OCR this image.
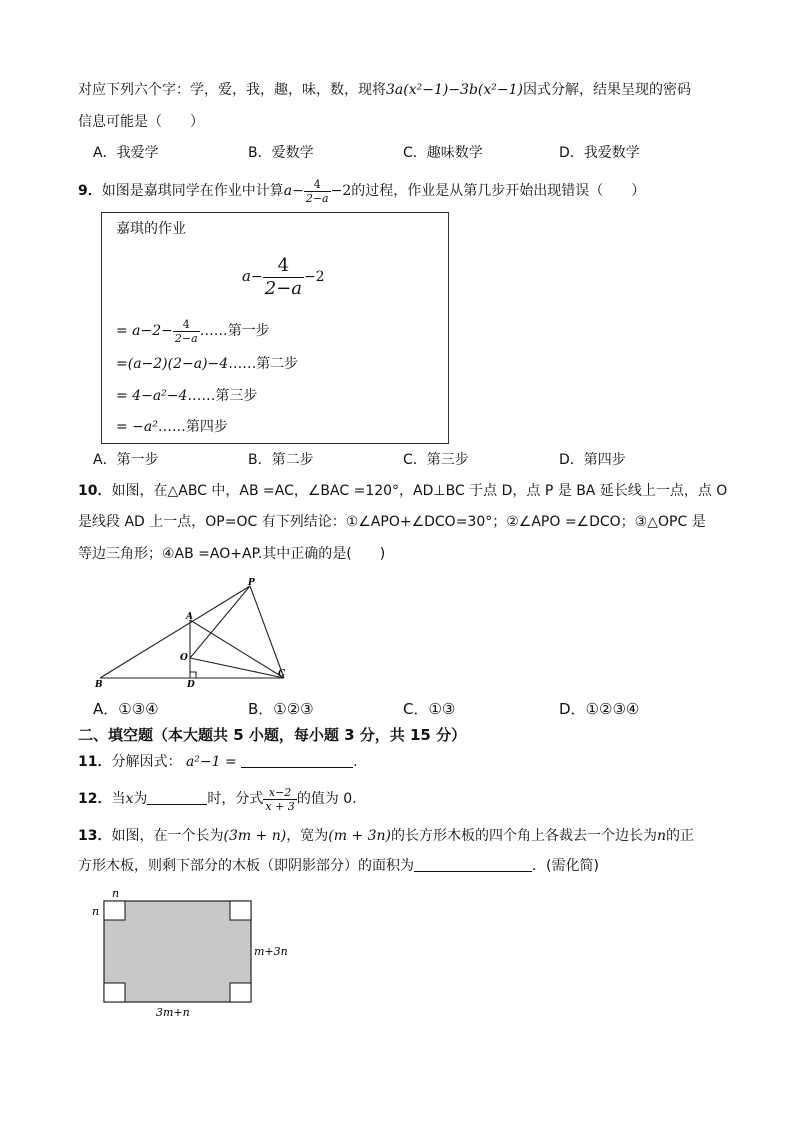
对应下列六个字：学，爱，我，趣，味，数，现将3a(x²−1)−3b(x²−1)因式分解，结果呈现的密码
信息可能是（　　）
A．我爱学	B．爱数学	C．趣味数学	D．我爱数学
9．如图是嘉琪同学在作业中计算$a- \frac{4}{2-a} -2$的过程，作业是从第几步开始出现错误（　　）
嘉琪的作业
$a- \frac{4}{2-a} -2$
= $a-2- \frac{4}{2-a}$ ……第一步
=(a−2)(2−a)−4……第二步
= 4−a²−4……第三步
= −a²……第四步
A．第一步	B．第二步	C．第三步	D．第四步
10．如图，在△ABC 中，AB =AC，∠BAC =120°，AD⊥BC 于点 D，点 P 是 BA 延长线上一点，点 O
是线段 AD 上一点，OP=OC 有下列结论：①∠APO+∠DCO=30°；②∠APO =∠DCO；③△OPC 是
等边三角形；④AB =AO+AP.其中正确的是(　　)
P
A
O
B	D
C
A．①③④	B．①②③	C．①③	D．①②③④
二、填空题（本大题共 5 小题，每小题 3 分，共 15 分）
11．分解因式： a²−1 =	.
12．当x为	时，分式 $\frac{x-2}{x + 3}$ 的值为 0．
13．如图，在一个长为(3m + n)，宽为(m + 3n)的长方形木板的四个角上各裁去一个边长为n的正
方形木板，则剩下部分的木板（即阴影部分）的面积为	．(需化简)
n
n
m+3n
3m+n
